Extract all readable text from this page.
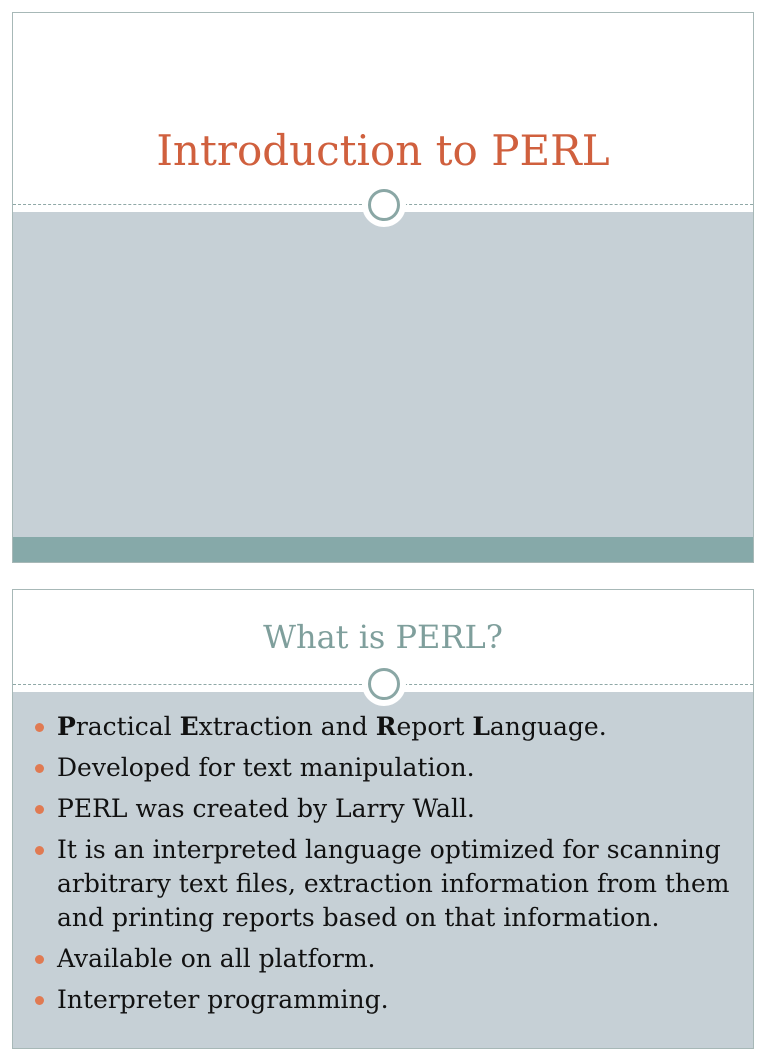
Introduction to PERL
What is PERL?
Practical Extraction and Report Language.
Developed for text manipulation.
PERL was created by Larry Wall.
It is an interpreted language optimized for scanning arbitrary text files, extraction information from them and printing reports based on that information.
Available on all platform.
Interpreter programming.
